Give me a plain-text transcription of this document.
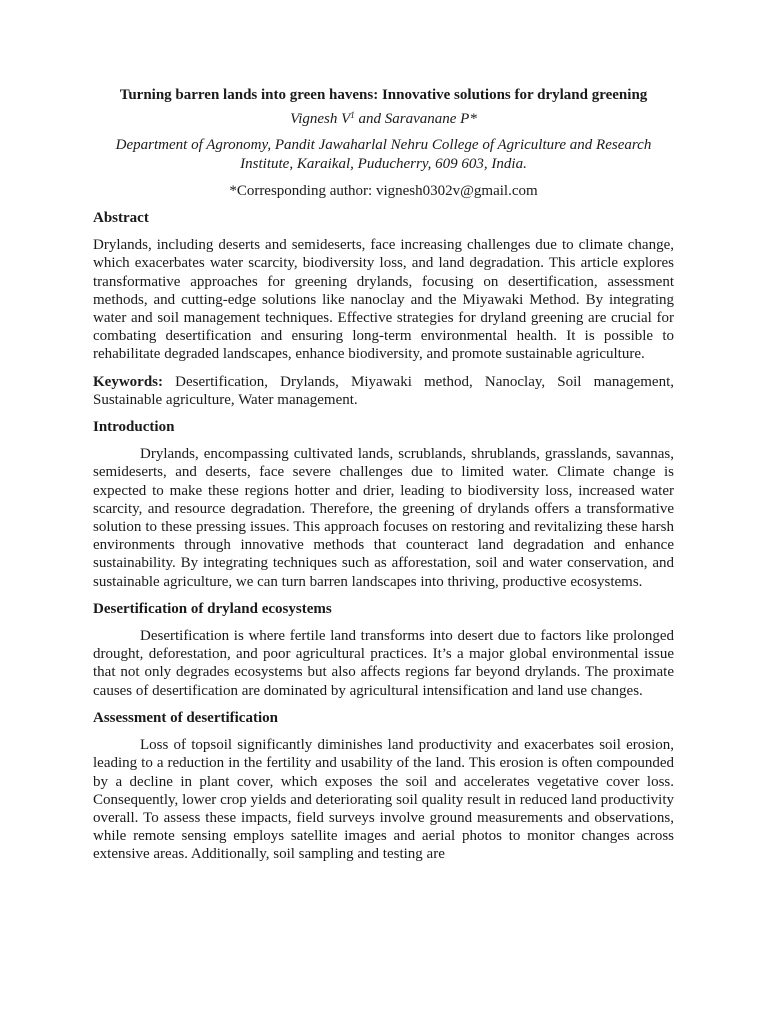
Turning barren lands into green havens: Innovative solutions for dryland greening
Vignesh $V^1$ and Saravanane P*
Department of Agronomy, Pandit Jawaharlal Nehru College of Agriculture and Research Institute, Karaikal, Puducherry, 609 603, India.
*Corresponding author: vignesh0302v@gmail.com
Abstract

Drylands, including deserts and semideserts, face increasing challenges due to climate change, which exacerbates water scarcity, biodiversity loss, and land degradation. This article explores transformative approaches for greening drylands, focusing on desertification, assessment methods, and cutting-edge solutions like nanoclay and the Miyawaki Method. By integrating water and soil management techniques. Effective strategies for dryland greening are crucial for combating desertification and ensuring long-term environmental health. It is possible to rehabilitate degraded landscapes, enhance biodiversity, and promote sustainable agriculture.

Keywords: Desertification, Drylands, Miyawaki method, Nanoclay, Soil management, Sustainable agriculture, Water management.

Introduction

Drylands, encompassing cultivated lands, scrublands, shrublands, grasslands, savannas, semideserts, and deserts, face severe challenges due to limited water. Climate change is expected to make these regions hotter and drier, leading to biodiversity loss, increased water scarcity, and resource degradation. Therefore, the greening of drylands offers a transformative solution to these pressing issues. This approach focuses on restoring and revitalizing these harsh environments through innovative methods that counteract land degradation and enhance sustainability. By integrating techniques such as afforestation, soil and water conservation, and sustainable agriculture, we can turn barren landscapes into thriving, productive ecosystems.

Desertification of dryland ecosystems

Desertification is where fertile land transforms into desert due to factors like prolonged drought, deforestation, and poor agricultural practices. It’s a major global environmental issue that not only degrades ecosystems but also affects regions far beyond drylands. The proximate causes of desertification are dominated by agricultural intensification and land use changes.

Assessment of desertification

Loss of topsoil significantly diminishes land productivity and exacerbates soil erosion, leading to a reduction in the fertility and usability of the land. This erosion is often compounded by a decline in plant cover, which exposes the soil and accelerates vegetative cover loss. Consequently, lower crop yields and deteriorating soil quality result in reduced land productivity overall. To assess these impacts, field surveys involve ground measurements and observations, while remote sensing employs satellite images and aerial photos to monitor changes across extensive areas. Additionally, soil sampling and testing are
